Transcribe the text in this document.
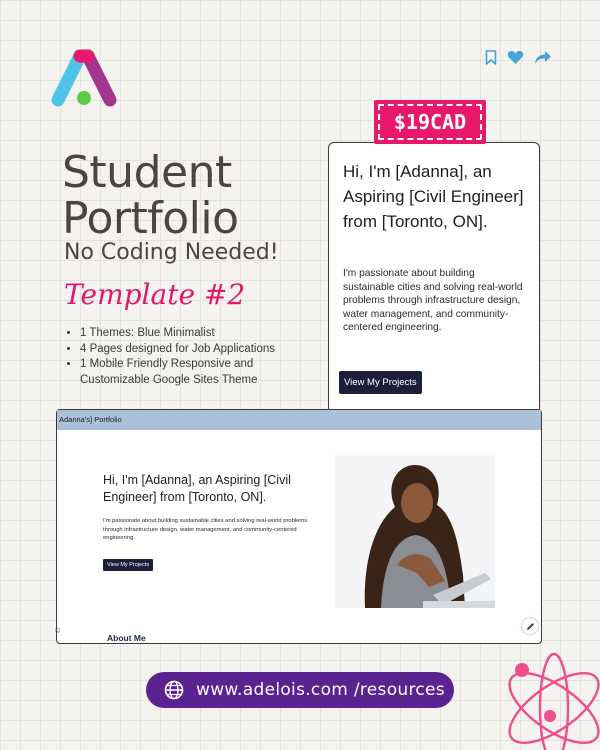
Student
Portfolio
No Coding Needed!
Template #2
• 1 Themes: Blue Minimalist
• 4 Pages designed for Job Applications
• 1 Mobile Friendly Responsive and Customizable Google Sites Theme
Hi, I'm [Adanna], an Aspiring [Civil Engineer] from [Toronto, ON].
I'm passionate about building sustainable cities and solving real-world problems through infrastructure design, water management, and community-centered engineering.
View My Projects
$19CAD
Adanna's] Portfolio
Hi, I'm [Adanna], an Aspiring [Civil Engineer] from [Toronto, ON].
I'm passionate about building sustainable cities and solving real-world problems through infrastructure design, water management, and community-centered engineering.
View My Projects
About Me
©
www.adelois.com /resources
